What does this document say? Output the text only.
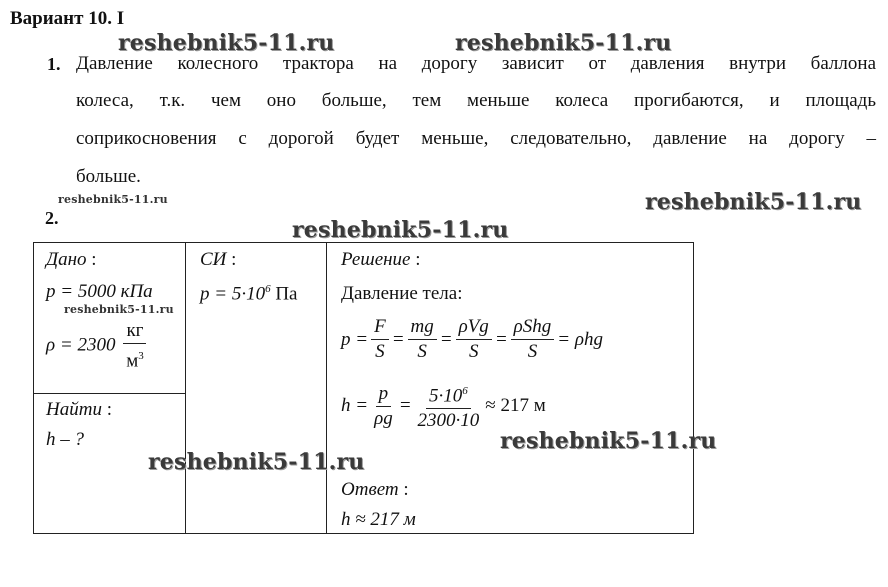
Вариант 10. I
reshebnik5-11.ru	reshebnik5-11.ru
reshebnik5-11.ru	reshebnik5-11.ru
reshebnik5-11.ru
1. Давление колесного трактора на дорогу зависит от давления внутри баллона
колеса, т.к. чем оно больше, тем меньше колеса прогибаются, и площадь
соприкосновения с дорогой будет меньше, следовательно, давление на дорогу –
больше.
2.
Дано :
p = 5000 кПа
reshebnik5-11.ru
$\rho = 2300 \frac{кг}{м^3}$
Найти :
h – ?
СИ :
$p = 5\cdot 10^6$ Па
Решение :
Давление тела:
$p = \frac{F}{S} = \frac{mg}{S} = \frac{\text{ρVg}}{S} = \frac{\text{ρShg}}{S} = \rho hg$
$h = \frac{p}{\rho g} = \frac{5\cdot 10^6}{2300\cdot 10} \approx 217$ м
Ответ :
h ≈ 217 м
reshebnik5-11.ru
reshebnik5-11.ru
